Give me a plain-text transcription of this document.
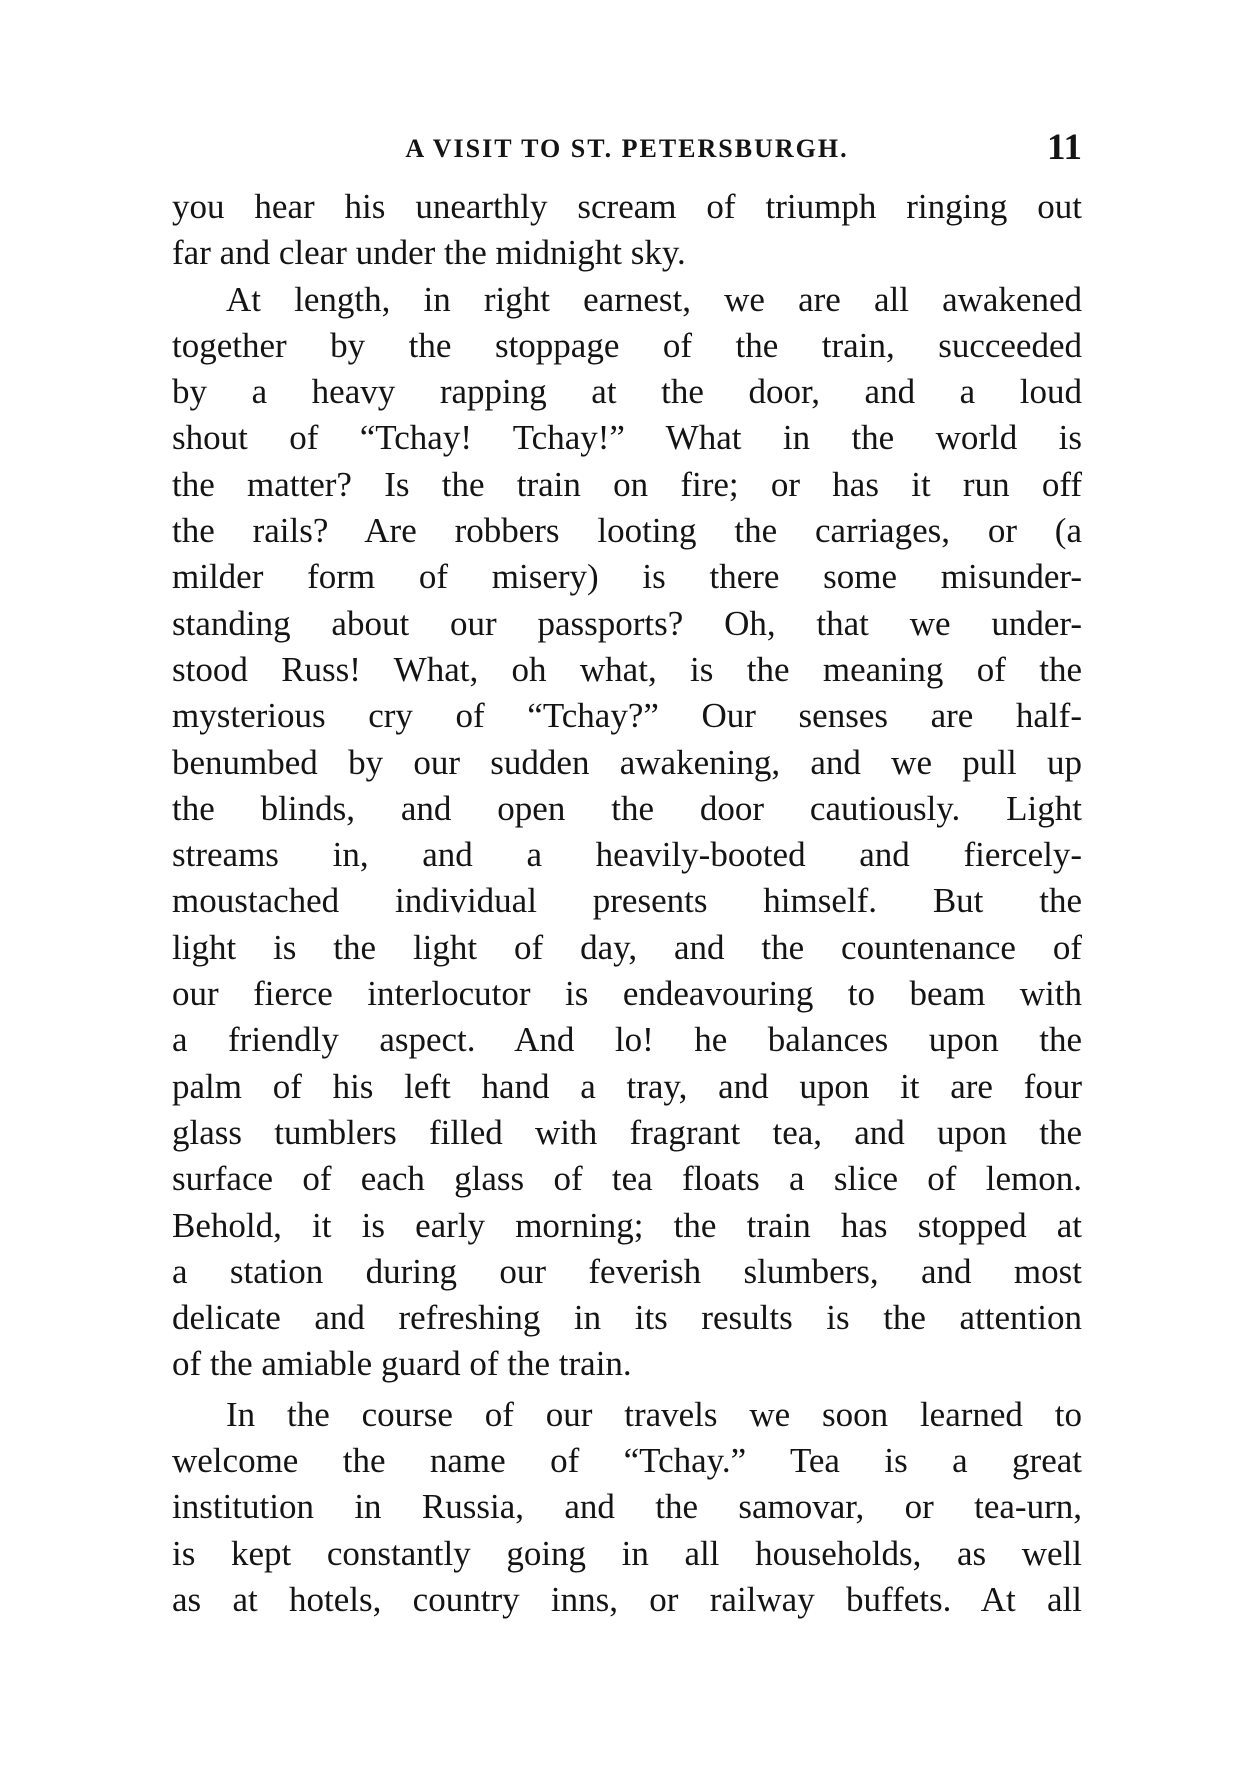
A VISIT TO ST. PETERSBURGH.	11
you hear his unearthly scream of triumph ringing out
far and clear under the midnight sky.
At length, in right earnest, we are all awakened
together by the stoppage of the train, succeeded
by a heavy rapping at the door, and a loud
shout of “Tchay! Tchay!” What in the world is
the matter? Is the train on fire; or has it run off
the rails? Are robbers looting the carriages, or (a
milder form of misery) is there some misunder-
standing about our passports? Oh, that we under-
stood Russ! What, oh what, is the meaning of the
mysterious cry of “Tchay?” Our senses are half-
benumbed by our sudden awakening, and we pull up
the blinds, and open the door cautiously. Light
streams in, and a heavily-booted and fiercely-
moustached individual presents himself. But the
light is the light of day, and the countenance of
our fierce interlocutor is endeavouring to beam with
a friendly aspect. And lo! he balances upon the
palm of his left hand a tray, and upon it are four
glass tumblers filled with fragrant tea, and upon the
surface of each glass of tea floats a slice of lemon.
Behold, it is early morning; the train has stopped at
a station during our feverish slumbers, and most
delicate and refreshing in its results is the attention
of the amiable guard of the train.
In the course of our travels we soon learned to
welcome the name of “Tchay.” Tea is a great
institution in Russia, and the samovar, or tea-urn,
is kept constantly going in all households, as well
as at hotels, country inns, or railway buffets. At all
